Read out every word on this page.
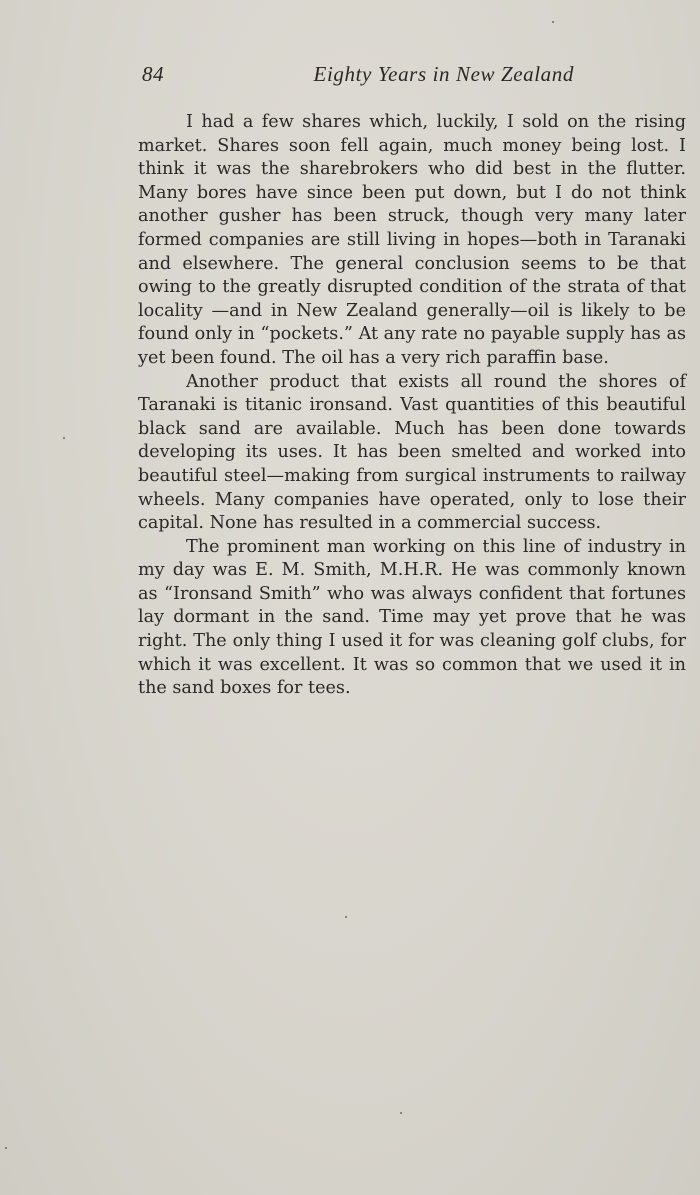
84	Eighty Years in New Zealand

I had a few shares which, luckily, I sold on the rising market. Shares soon fell again, much money being lost. I think it was the sharebrokers who did best in the flutter. Many bores have since been put down, but I do not think another gusher has been struck, though very many later formed companies are still living in hopes—both in Taranaki and elsewhere. The general conclusion seems to be that owing to the greatly disrupted condition of the strata of that locality —and in New Zealand generally—oil is likely to be found only in “pockets.” At any rate no payable supply has as yet been found. The oil has a very rich paraffin base.

Another product that exists all round the shores of Taranaki is titanic ironsand. Vast quantities of this beautiful black sand are available. Much has been done towards developing its uses. It has been smelted and worked into beautiful steel—making from surgical instruments to railway wheels. Many companies have operated, only to lose their capital. None has resulted in a commercial success.

The prominent man working on this line of industry in my day was E. M. Smith, M.H.R. He was commonly known as “Ironsand Smith” who was always confident that fortunes lay dormant in the sand. Time may yet prove that he was right. The only thing I used it for was cleaning golf clubs, for which it was excellent. It was so common that we used it in the sand boxes for tees.
